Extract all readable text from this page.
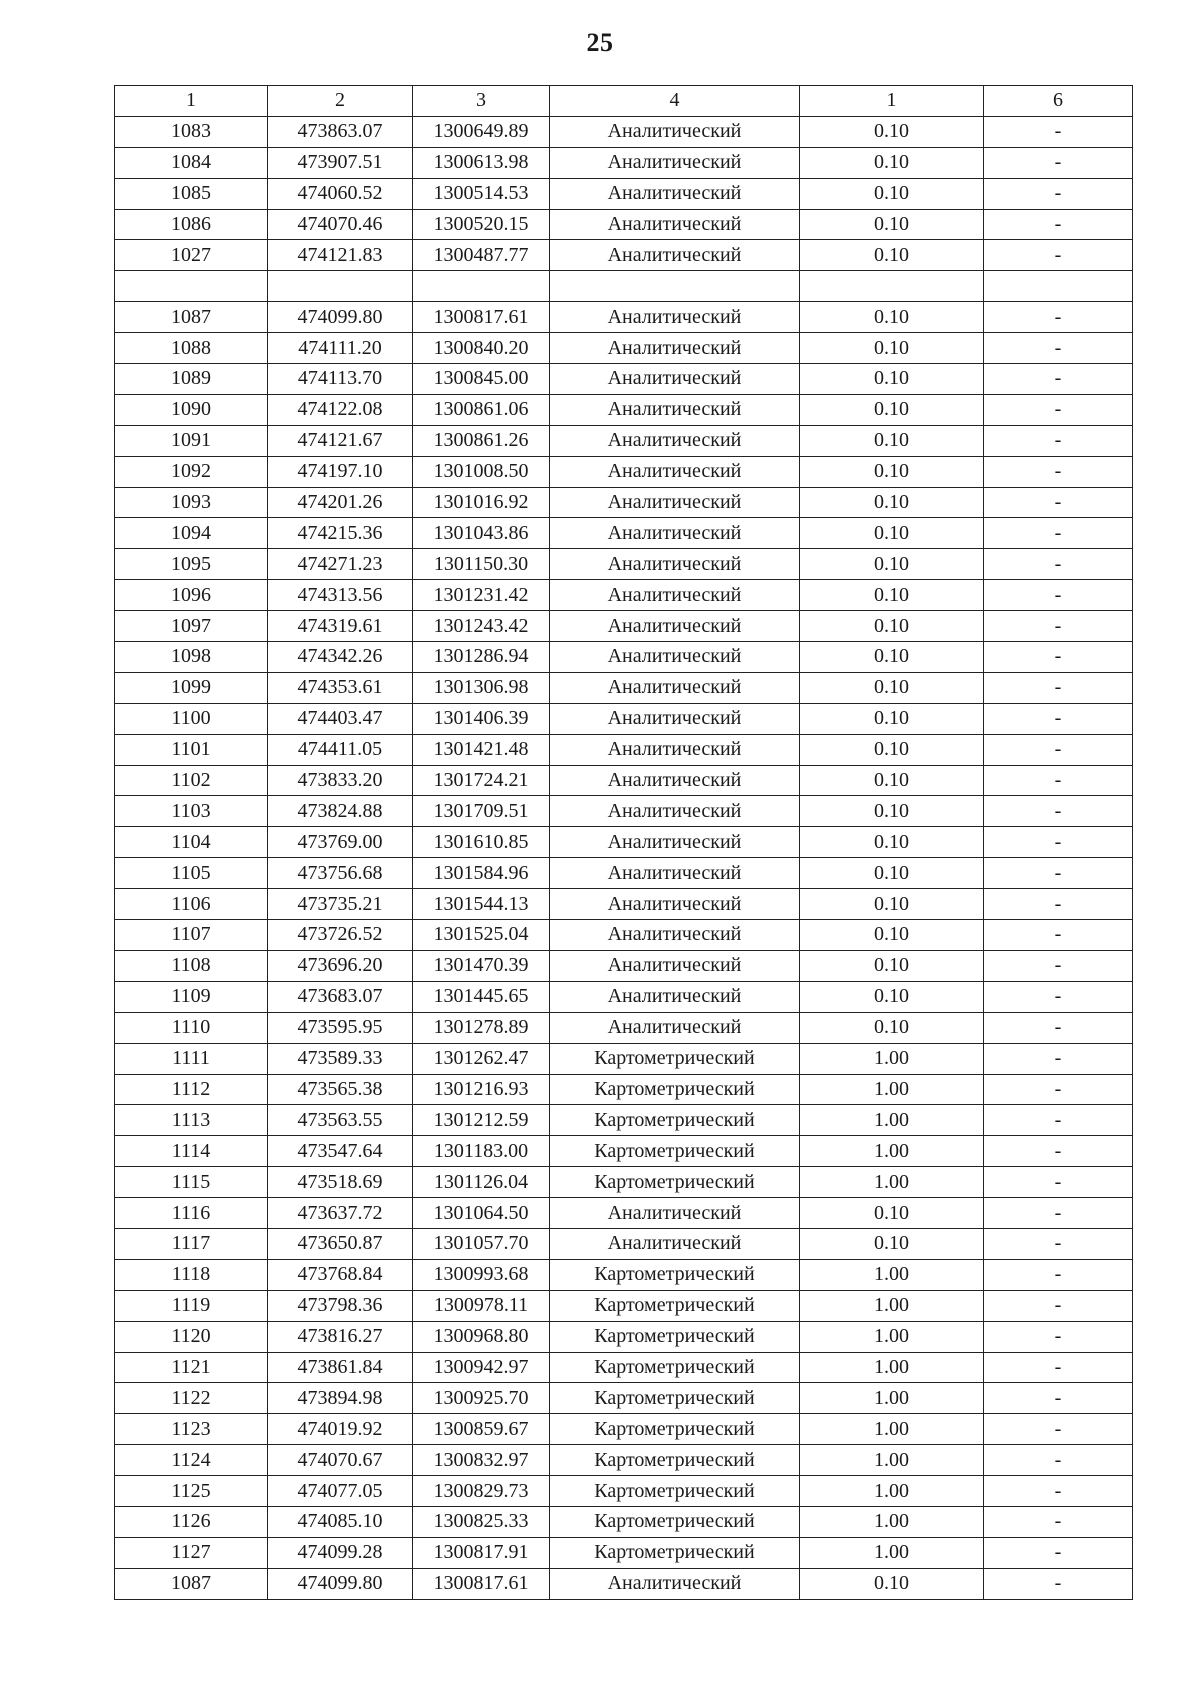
25
1	2	3	4	1	6
1083	473863.07	1300649.89	Аналитический	0.10	-
1084	473907.51	1300613.98	Аналитический	0.10	-
1085	474060.52	1300514.53	Аналитический	0.10	-
1086	474070.46	1300520.15	Аналитический	0.10	-
1027	474121.83	1300487.77	Аналитический	0.10	-

1087	474099.80	1300817.61	Аналитический	0.10	-
1088	474111.20	1300840.20	Аналитический	0.10	-
1089	474113.70	1300845.00	Аналитический	0.10	-
1090	474122.08	1300861.06	Аналитический	0.10	-
1091	474121.67	1300861.26	Аналитический	0.10	-
1092	474197.10	1301008.50	Аналитический	0.10	-
1093	474201.26	1301016.92	Аналитический	0.10	-
1094	474215.36	1301043.86	Аналитический	0.10	-
1095	474271.23	1301150.30	Аналитический	0.10	-
1096	474313.56	1301231.42	Аналитический	0.10	-
1097	474319.61	1301243.42	Аналитический	0.10	-
1098	474342.26	1301286.94	Аналитический	0.10	-
1099	474353.61	1301306.98	Аналитический	0.10	-
1100	474403.47	1301406.39	Аналитический	0.10	-
1101	474411.05	1301421.48	Аналитический	0.10	-
1102	473833.20	1301724.21	Аналитический	0.10	-
1103	473824.88	1301709.51	Аналитический	0.10	-
1104	473769.00	1301610.85	Аналитический	0.10	-
1105	473756.68	1301584.96	Аналитический	0.10	-
1106	473735.21	1301544.13	Аналитический	0.10	-
1107	473726.52	1301525.04	Аналитический	0.10	-
1108	473696.20	1301470.39	Аналитический	0.10	-
1109	473683.07	1301445.65	Аналитический	0.10	-
1110	473595.95	1301278.89	Аналитический	0.10	-
1111	473589.33	1301262.47	Картометрический	1.00	-
1112	473565.38	1301216.93	Картометрический	1.00	-
1113	473563.55	1301212.59	Картометрический	1.00	-
1114	473547.64	1301183.00	Картометрический	1.00	-
1115	473518.69	1301126.04	Картометрический	1.00	-
1116	473637.72	1301064.50	Аналитический	0.10	-
1117	473650.87	1301057.70	Аналитический	0.10	-
1118	473768.84	1300993.68	Картометрический	1.00	-
1119	473798.36	1300978.11	Картометрический	1.00	-
1120	473816.27	1300968.80	Картометрический	1.00	-
1121	473861.84	1300942.97	Картометрический	1.00	-
1122	473894.98	1300925.70	Картометрический	1.00	-
1123	474019.92	1300859.67	Картометрический	1.00	-
1124	474070.67	1300832.97	Картометрический	1.00	-
1125	474077.05	1300829.73	Картометрический	1.00	-
1126	474085.10	1300825.33	Картометрический	1.00	-
1127	474099.28	1300817.91	Картометрический	1.00	-
1087	474099.80	1300817.61	Аналитический	0.10	-
